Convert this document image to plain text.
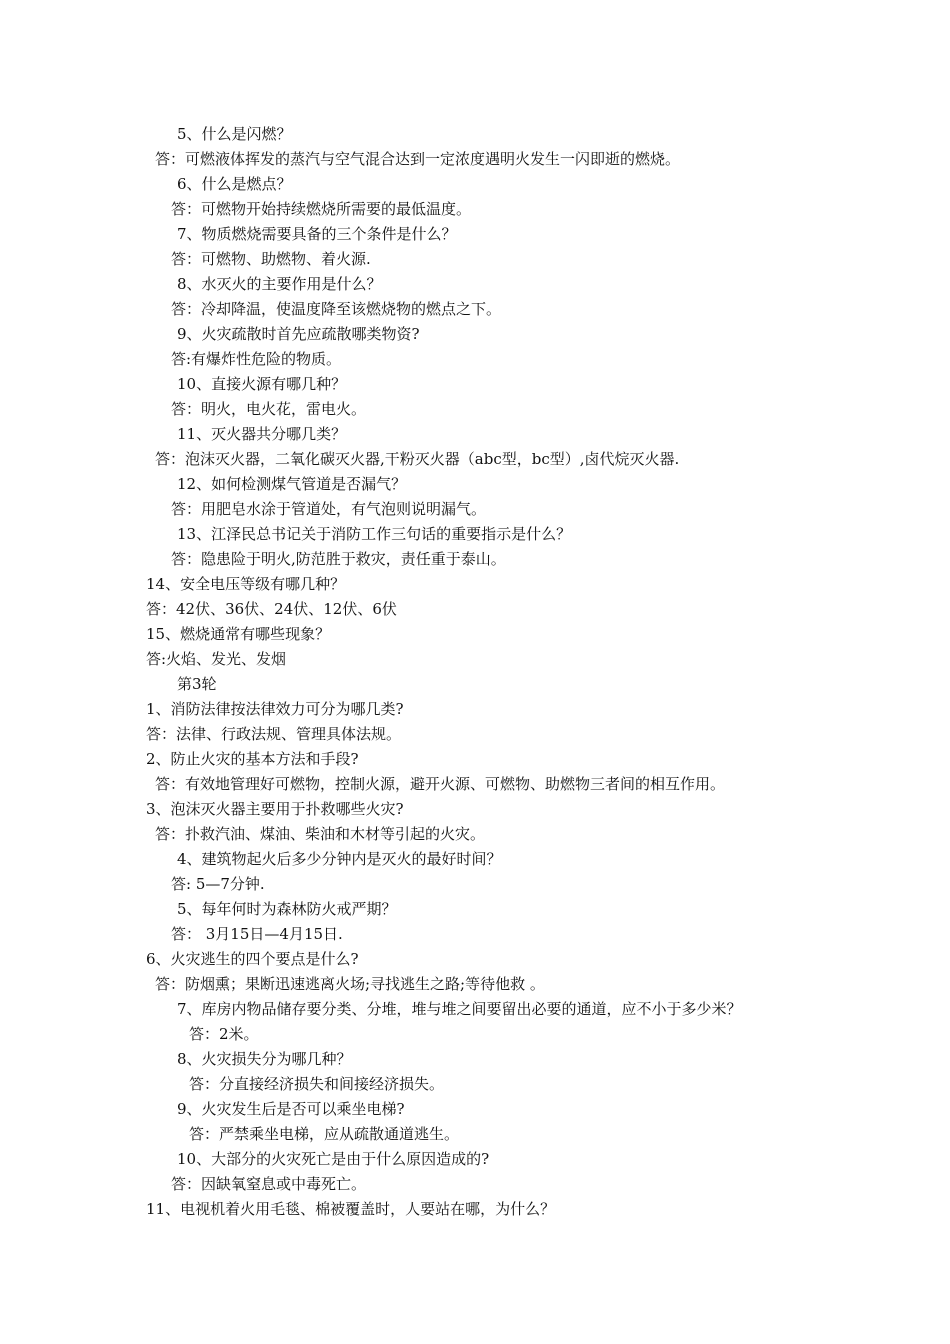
5、什么是闪燃？
答：可燃液体挥发的蒸汽与空气混合达到一定浓度遇明火发生一闪即逝的燃烧。
6、什么是燃点？
答：可燃物开始持续燃烧所需要的最低温度。
7、物质燃烧需要具备的三个条件是什么？
答：可燃物、助燃物、着火源.
8、水灭火的主要作用是什么？
答：冷却降温，使温度降至该燃烧物的燃点之下。
9、火灾疏散时首先应疏散哪类物资?
答:有爆炸性危险的物质。
10、直接火源有哪几种？
答：明火，电火花，雷电火。
11、灭火器共分哪几类？
答：泡沫灭火器，二氧化碳灭火器,干粉灭火器（abc型，bc型）,卤代烷灭火器.
12、如何检测煤气管道是否漏气？
答：用肥皂水涂于管道处，有气泡则说明漏气。
13、江泽民总书记关于消防工作三句话的重要指示是什么？
答：隐患险于明火,防范胜于救灾，责任重于泰山。
14、安全电压等级有哪几种？
答：42伏、36伏、24伏、12伏、6伏
15、燃烧通常有哪些现象？
答:火焰、发光、发烟
第3轮
1、消防法律按法律效力可分为哪几类?
答：法律、行政法规、管理具体法规。
2、防止火灾的基本方法和手段?
答：有效地管理好可燃物，控制火源，避开火源、可燃物、助燃物三者间的相互作用。
3、泡沫灭火器主要用于扑救哪些火灾?
答：扑救汽油、煤油、柴油和木材等引起的火灾。
4、建筑物起火后多少分钟内是灭火的最好时间？
答: 5—7分钟.
5、每年何时为森林防火戒严期？
答： 3月15日—4月15日.
6、火灾逃生的四个要点是什么?
答：防烟熏；果断迅速逃离火场;寻找逃生之路;等待他救 。
7、库房内物品储存要分类、分堆，堆与堆之间要留出必要的通道，应不小于多少米？
答：2米。
8、火灾损失分为哪几种？
答：分直接经济损失和间接经济损失。
9、火灾发生后是否可以乘坐电梯?
答：严禁乘坐电梯，应从疏散通道逃生。
10、大部分的火灾死亡是由于什么原因造成的?
答：因缺氧窒息或中毒死亡。
11、电视机着火用毛毯、棉被覆盖时，人要站在哪，为什么？
